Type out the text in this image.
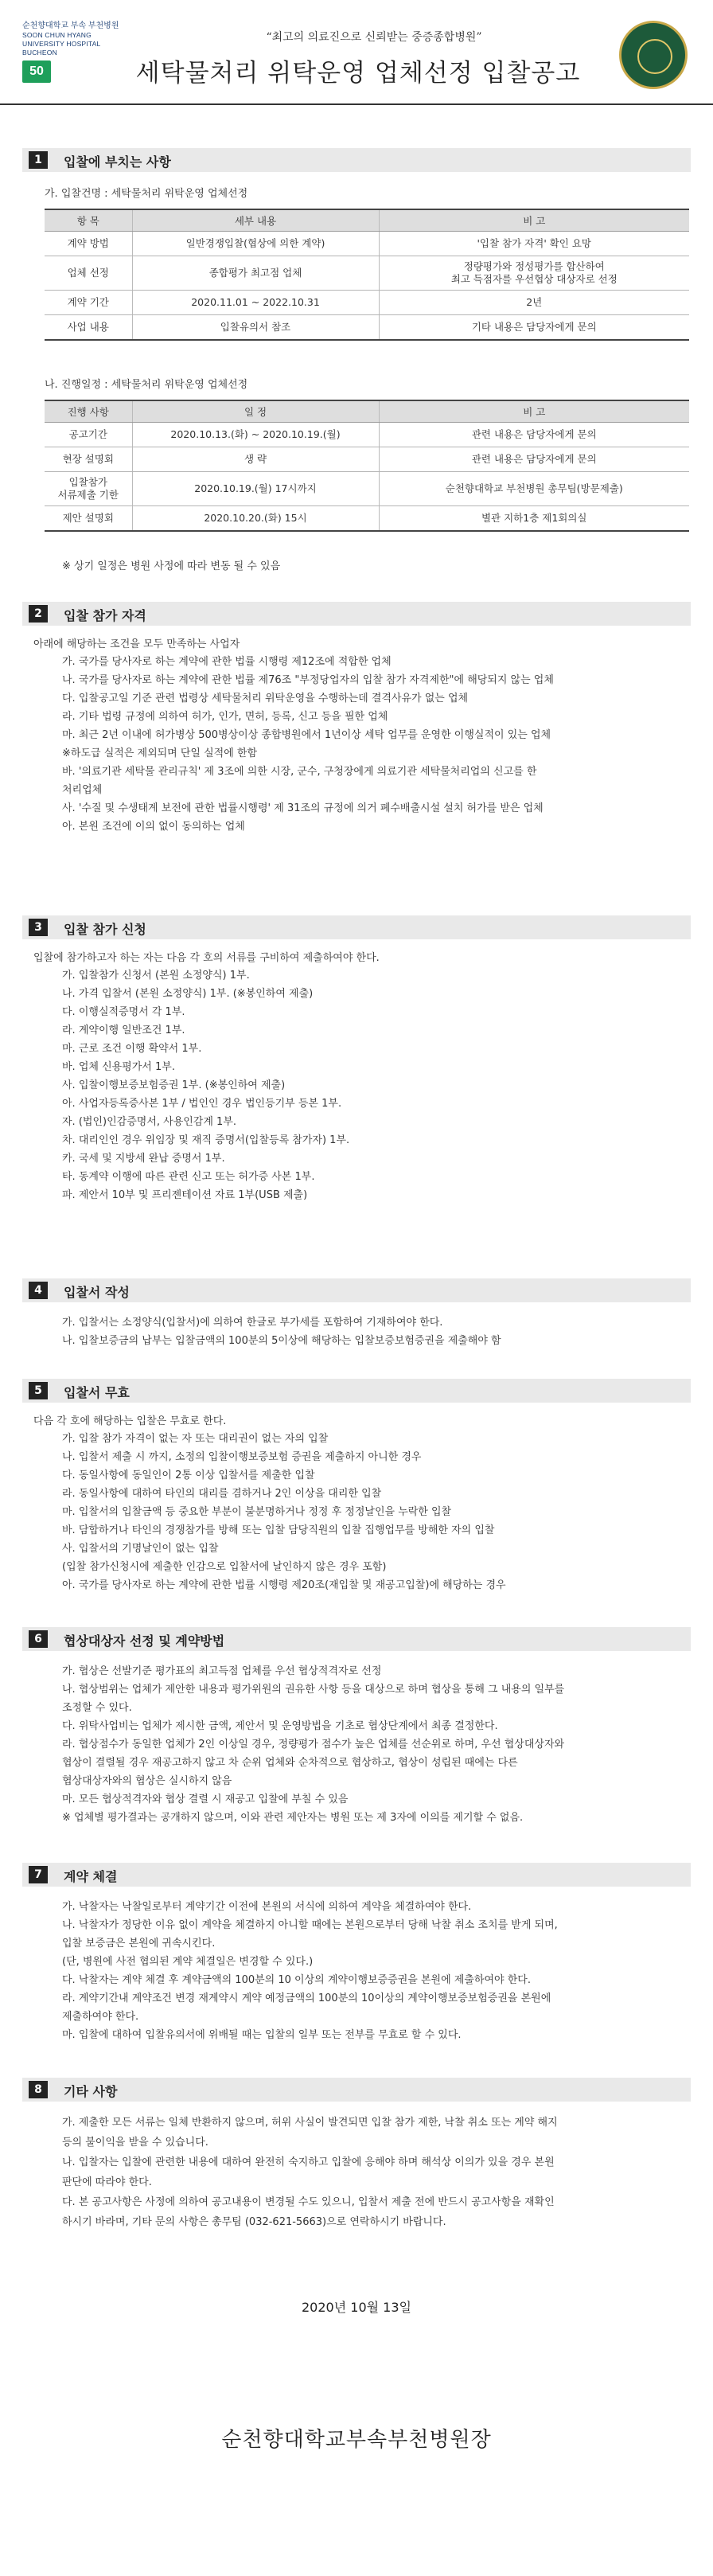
순천향대학교 부속 부천병원
SOON CHUN HYANG
UNIVERSITY HOSPITAL
BUCHEON
50
“최고의 의료진으로 신뢰받는 중증종합병원”
세탁물처리 위탁운영 업체선정 입찰공고
1	입찰에 부치는 사항
가. 입찰건명 : 세탁물처리 위탁운영 업체선정
항 목	세부 내용	비 고
계약 방법	일반경쟁입찰(협상에 의한 계약)	'입찰 참가 자격' 확인 요망
업체 선정	종합평가 최고점 업체	정량평가와 정성평가를 합산하여
최고 득점자를 우선협상 대상자로 선정
계약 기간	2020.11.01 ~ 2022.10.31	2년
사업 내용	입찰유의서 참조	기타 내용은 담당자에게 문의
나. 진행일정 : 세탁물처리 위탁운영 업체선정
진행 사항	일 정	비 고
공고기간	2020.10.13.(화) ~ 2020.10.19.(월)	관련 내용은 담당자에게 문의
현장 설명회	생 략	관련 내용은 담당자에게 문의
입찰참가
서류제출 기한	2020.10.19.(월) 17시까지	순천향대학교 부천병원 총무팀(방문제출)
제안 설명회	2020.10.20.(화) 15시	별관 지하1층 제1회의실
※ 상기 일정은 병원 사정에 따라 변동 될 수 있음
2	입찰 참가 자격
아래에 해당하는 조건을 모두 만족하는 사업자
가. 국가를 당사자로 하는 계약에 관한 법률 시행령 제12조에 적합한 업체
나. 국가를 당사자로 하는 계약에 관한 법률 제76조 "부정당업자의 입찰 참가 자격제한"에 해당되지 않는 업체
다. 입찰공고일 기준 관련 법령상 세탁물처리 위탁운영을 수행하는데 결격사유가 없는 업체
라. 기타 법령 규정에 의하여 허가, 인가, 면허, 등록, 신고 등을 필한 업체
마. 최근 2년 이내에 허가병상 500병상이상 종합병원에서 1년이상 세탁 업무를 운영한 이행실적이 있는 업체
※하도급 실적은 제외되며 단일 실적에 한함
바. '의료기관 세탁물 관리규칙' 제 3조에 의한 시장, 군수, 구청장에게 의료기관 세탁물처리업의 신고를 한
처리업체
사. '수질 및 수생태계 보전에 관한 법률시행령' 제 31조의 규정에 의거 폐수배출시설 설치 허가를 받은 업체
아. 본원 조건에 이의 없이 동의하는 업체
3	입찰 참가 신청
입찰에 참가하고자 하는 자는 다음 각 호의 서류를 구비하여 제출하여야 한다.
가. 입찰참가 신청서 (본원 소정양식) 1부.
나. 가격 입찰서 (본원 소정양식) 1부. (※봉인하여 제출)
다. 이행실적증명서 각 1부.
라. 계약이행 일반조건 1부.
마. 근로 조건 이행 확약서 1부.
바. 업체 신용평가서 1부.
사. 입찰이행보증보험증권 1부. (※봉인하여 제출)
아. 사업자등록증사본 1부 / 법인인 경우 법인등기부 등본 1부.
자. (법인)인감증명서, 사용인감계 1부.
차. 대리인인 경우 위임장 및 재직 증명서(입찰등록 참가자) 1부.
카. 국세 및 지방세 완납 증명서 1부.
타. 동계약 이행에 따른 관련 신고 또는 허가증 사본 1부.
파. 제안서 10부 및 프리젠테이션 자료 1부(USB 제출)
4	입찰서 작성
가. 입찰서는 소정양식(입찰서)에 의하여 한글로 부가세를 포함하여 기재하여야 한다.
나. 입찰보증금의 납부는 입찰금액의 100분의 5이상에 해당하는 입찰보증보험증권을 제출해야 함
5	입찰서 무효
다음 각 호에 해당하는 입찰은 무효로 한다.
가. 입찰 참가 자격이 없는 자 또는 대리권이 없는 자의 입찰
나. 입찰서 제출 시 까지, 소정의 입찰이행보증보험 증권을 제출하지 아니한 경우
다. 동일사항에 동일인이 2통 이상 입찰서를 제출한 입찰
라. 동일사항에 대하여 타인의 대리를 겸하거나 2인 이상을 대리한 입찰
마. 입찰서의 입찰금액 등 중요한 부분이 불분명하거나 정정 후 정정날인을 누락한 입찰
바. 담합하거나 타인의 경쟁참가를 방해 또는 입찰 담당직원의 입찰 집행업무를 방해한 자의 입찰
사. 입찰서의 기명날인이 없는 입찰
(입찰 참가신청시에 제출한 인감으로 입찰서에 날인하지 않은 경우 포함)
아. 국가를 당사자로 하는 계약에 관한 법률 시행령 제20조(재입찰 및 재공고입찰)에 해당하는 경우
6	협상대상자 선정 및 계약방법
가. 협상은 선발기준 평가표의 최고득점 업체를 우선 협상적격자로 선정
나. 협상범위는 업체가 제안한 내용과 평가위원의 권유한 사항 등을 대상으로 하며 협상을 통해 그 내용의 일부를
조정할 수 있다.
다. 위탁사업비는 업체가 제시한 금액, 제안서 및 운영방법을 기초로 협상단계에서 최종 결정한다.
라. 협상점수가 동일한 업체가 2인 이상일 경우, 정량평가 점수가 높은 업체를 선순위로 하며, 우선 협상대상자와
협상이 결렬될 경우 재공고하지 않고 차 순위 업체와 순차적으로 협상하고, 협상이 성립된 때에는 다른
협상대상자와의 협상은 실시하지 않음
마. 모든 협상적격자와 협상 결렬 시 재공고 입찰에 부칠 수 있음
※ 업체별 평가결과는 공개하지 않으며, 이와 관련 제안자는 병원 또는 제 3자에 이의를 제기할 수 없음.
7	계약 체결
가. 낙찰자는 낙찰일로부터 계약기간 이전에 본원의 서식에 의하여 계약을 체결하여야 한다.
나. 낙찰자가 정당한 이유 없이 계약을 체결하지 아니할 때에는 본원으로부터 당해 낙찰 취소 조치를 받게 되며,
입찰 보증금은 본원에 귀속시킨다.
(단, 병원에 사전 협의된 계약 체결일은 변경할 수 있다.)
다. 낙찰자는 계약 체결 후 계약금액의 100분의 10 이상의 계약이행보증증권을 본원에 제출하여야 한다.
라. 계약기간내 계약조건 변경 재계약시 계약 예정금액의 100분의 10이상의 계약이행보증보험증권을 본원에
제출하여야 한다.
마. 입찰에 대하여 입찰유의서에 위배될 때는 입찰의 일부 또는 전부를 무효로 할 수 있다.
8	기타 사항
가. 제출한 모든 서류는 일체 반환하지 않으며, 허위 사실이 발견되면 입찰 참가 제한, 낙찰 취소 또는 계약 해지
등의 불이익을 받을 수 있습니다.
나. 입찰자는 입찰에 관련한 내용에 대하여 완전히 숙지하고 입찰에 응해야 하며 해석상 이의가 있을 경우 본원
판단에 따라야 한다.
다. 본 공고사항은 사정에 의하여 공고내용이 변경될 수도 있으니, 입찰서 제출 전에 반드시 공고사항을 재확인
하시기 바라며, 기타 문의 사항은 총무팀 (032-621-5663)으로 연락하시기 바랍니다.
2020년 10월 13일
순천향대학교부속부천병원장
